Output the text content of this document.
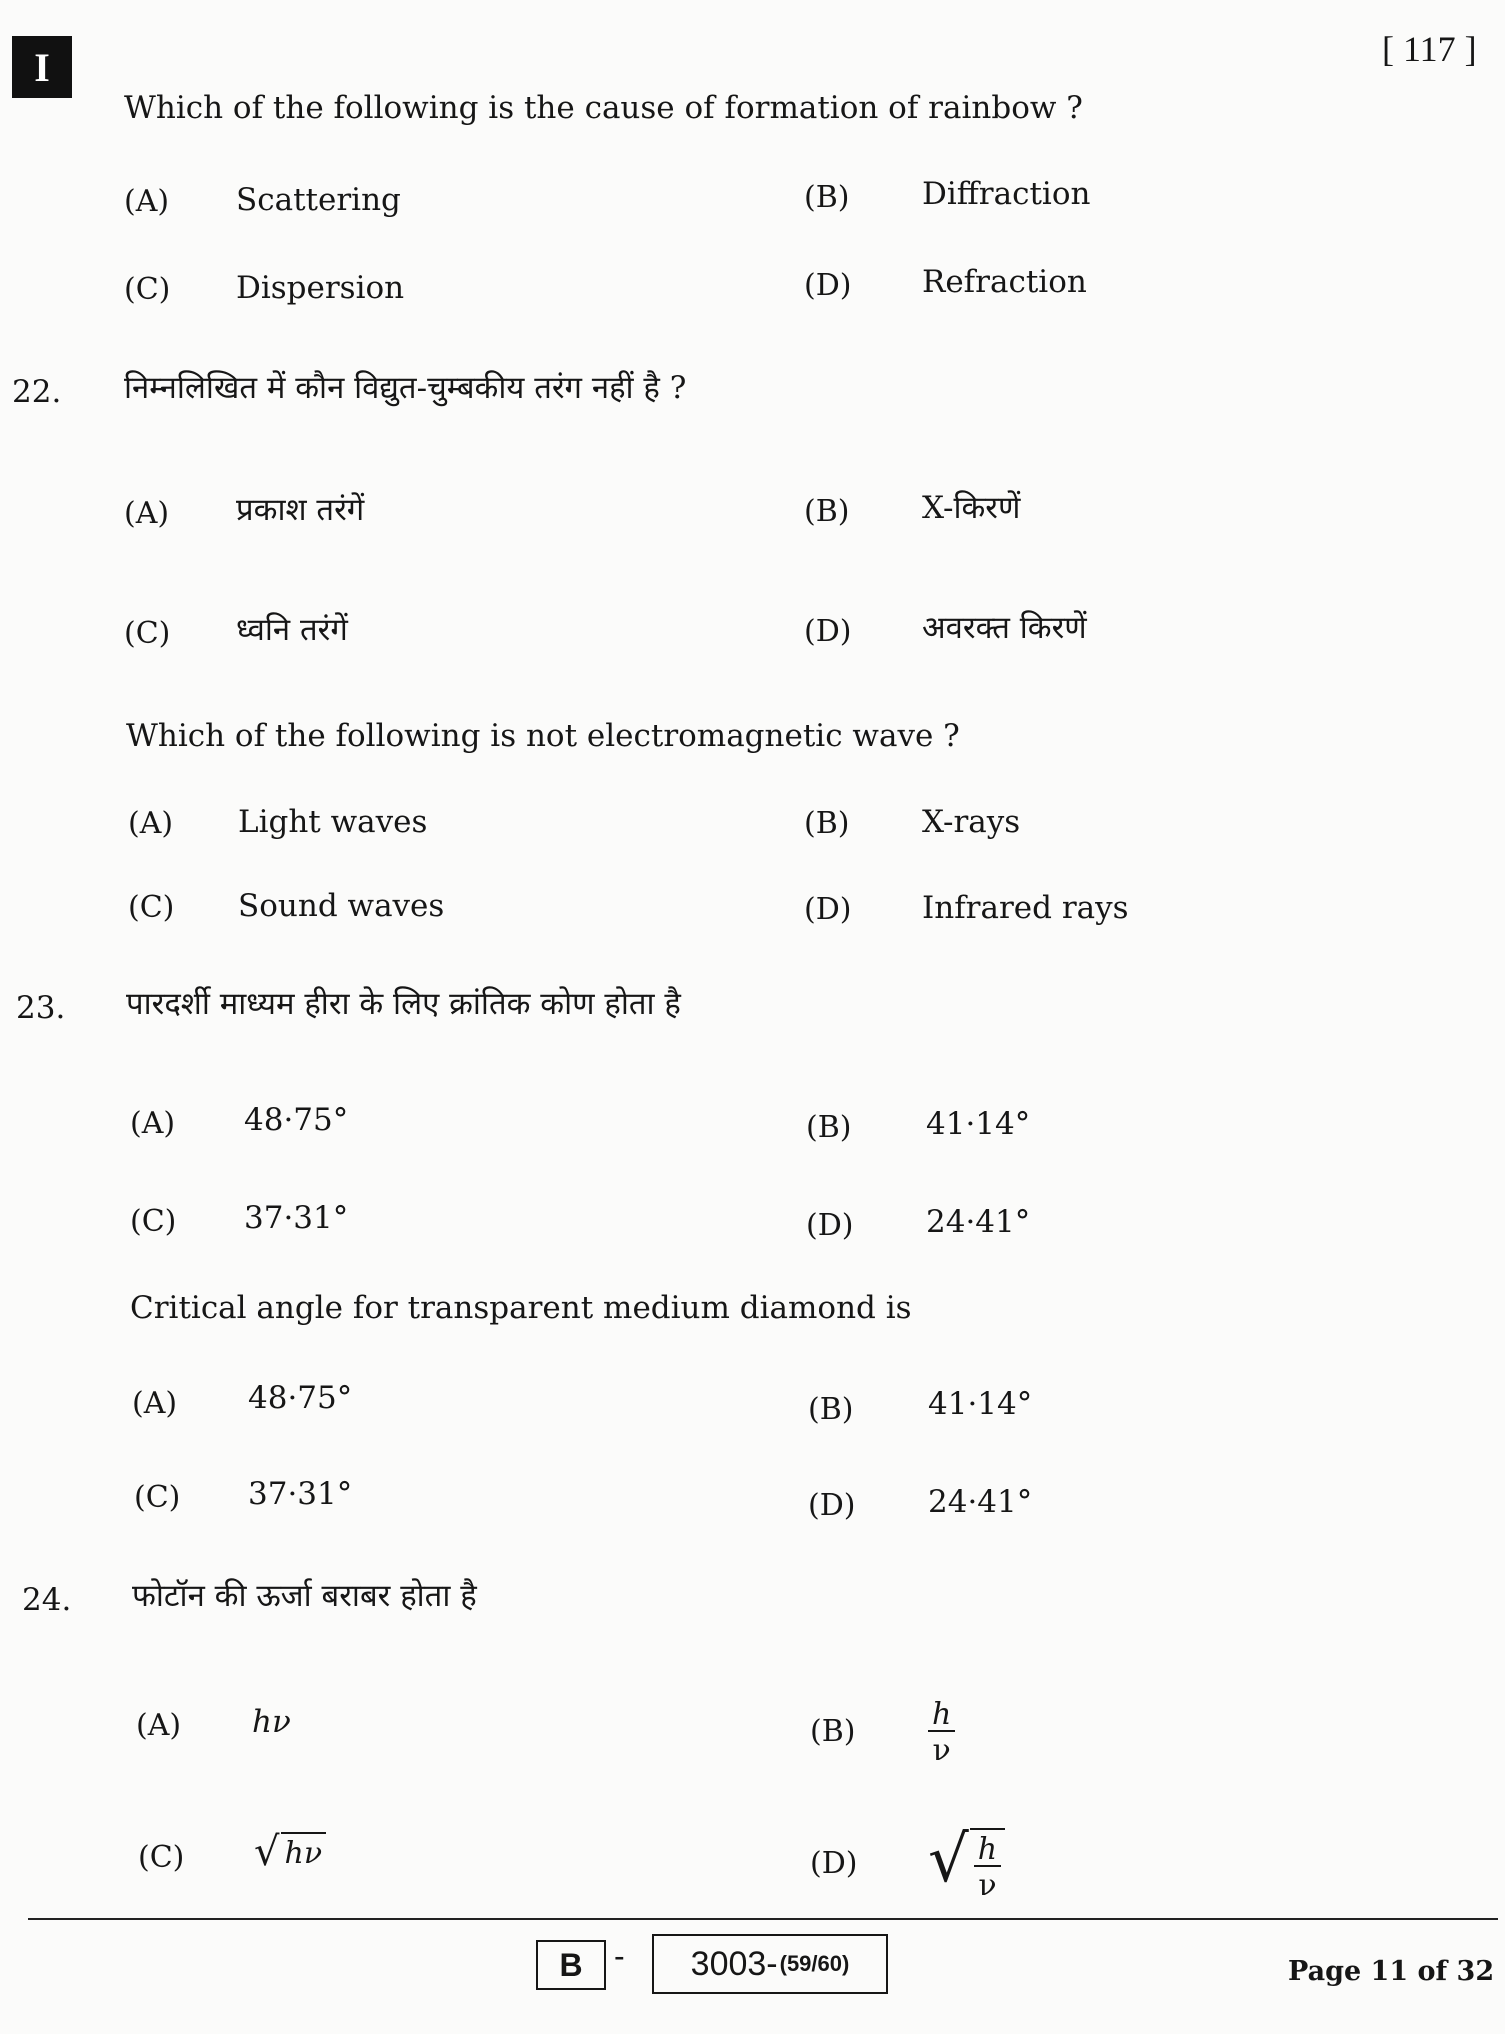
I	[ 117 ]
Which of the following is the cause of formation of rainbow ?
(A) Scattering	(B) Diffraction
(C) Dispersion	(D) Refraction
22. निम्नलिखित में कौन विद्युत-चुम्बकीय तरंग नहीं है ?
(A) प्रकाश तरंगें	(B) X-किरणें
(C) ध्वनि तरंगें	(D) अवरक्त किरणें
Which of the following is not electromagnetic wave ?
(A) Light waves	(B) X-rays
(C) Sound waves	(D) Infrared rays
23. पारदर्शी माध्यम हीरा के लिए क्रांतिक कोण होता है
(A) 48·75°	(B) 41·14°
(C) 37·31°	(D) 24·41°
Critical angle for transparent medium diamond is
(A) 48·75°	(B) 41·14°
(C) 37·31°	(D) 24·41°
24. फोटॉन की ऊर्जा बराबर होता है
(A) hν	$(B) \frac{h}{\nu}$
(C) √ hν	(D) √ $\frac{h}{\nu}$
B - 3003- (59/60)	Page 11 of 32
